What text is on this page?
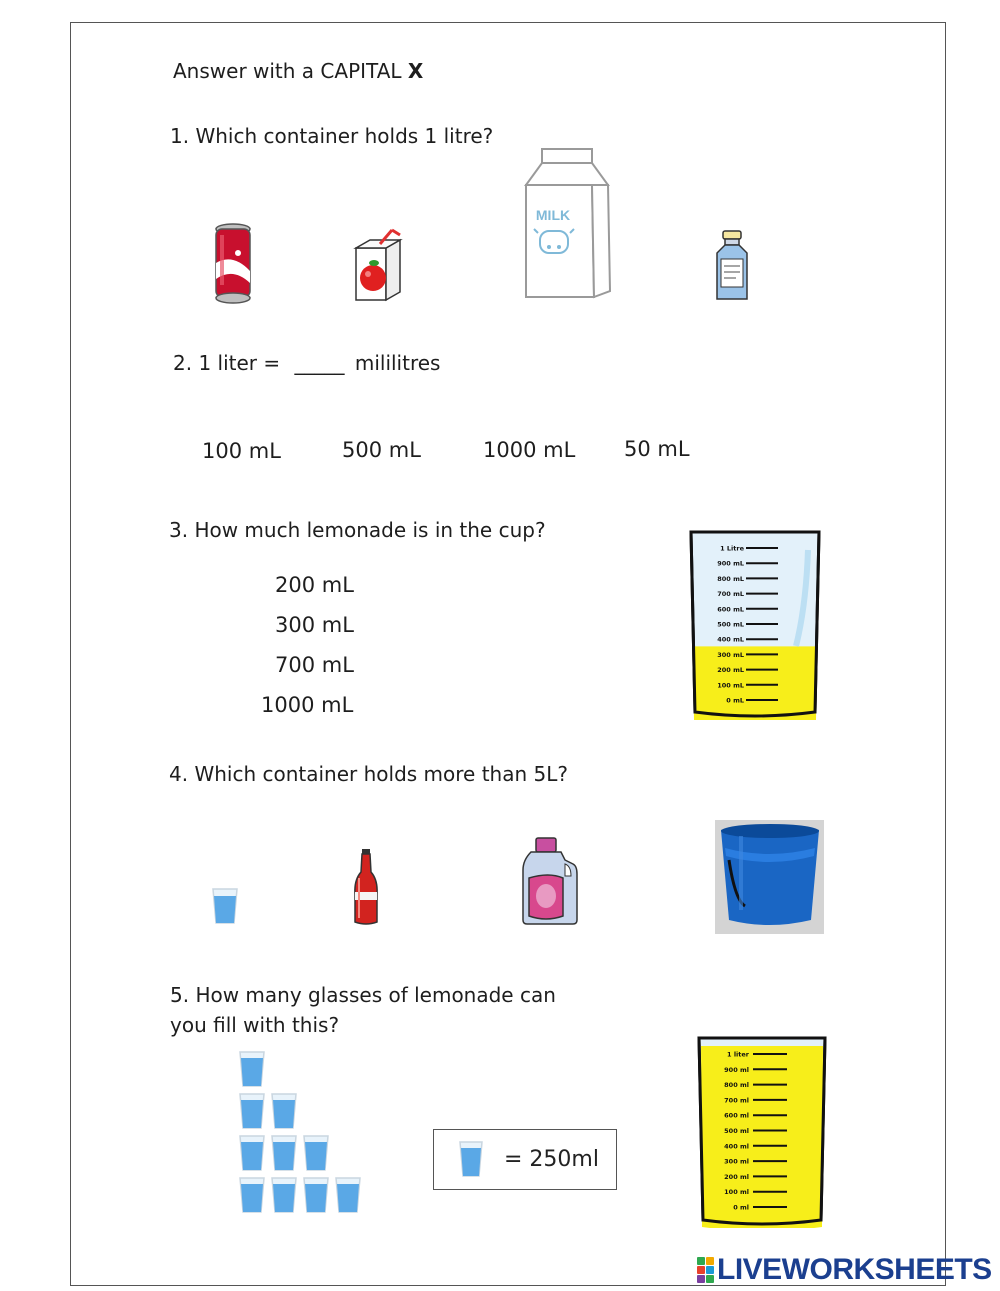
Answer with a CAPITAL X
1. Which container holds 1 litre?
MILK
2. 1 liter = _____ mililitres
100 mL	500 mL	1000 mL 50 mL
3. How much lemonade is in the cup?
200 mL
300 mL
700 mL
1000 mL
1 Litre
900 mL
800 mL
700 mL
600 mL
500 mL
400 mL
300 mL
200 mL
100 mL
0 mL
4. Which container holds more than 5L?
5. How many glasses of lemonade can
you fill with this?
= 250ml
1 liter
900 ml
800 ml
700 ml
600 ml
500 ml
400 ml
300 ml
200 ml
100 ml
0 ml
LIVEWORKSHEETS
